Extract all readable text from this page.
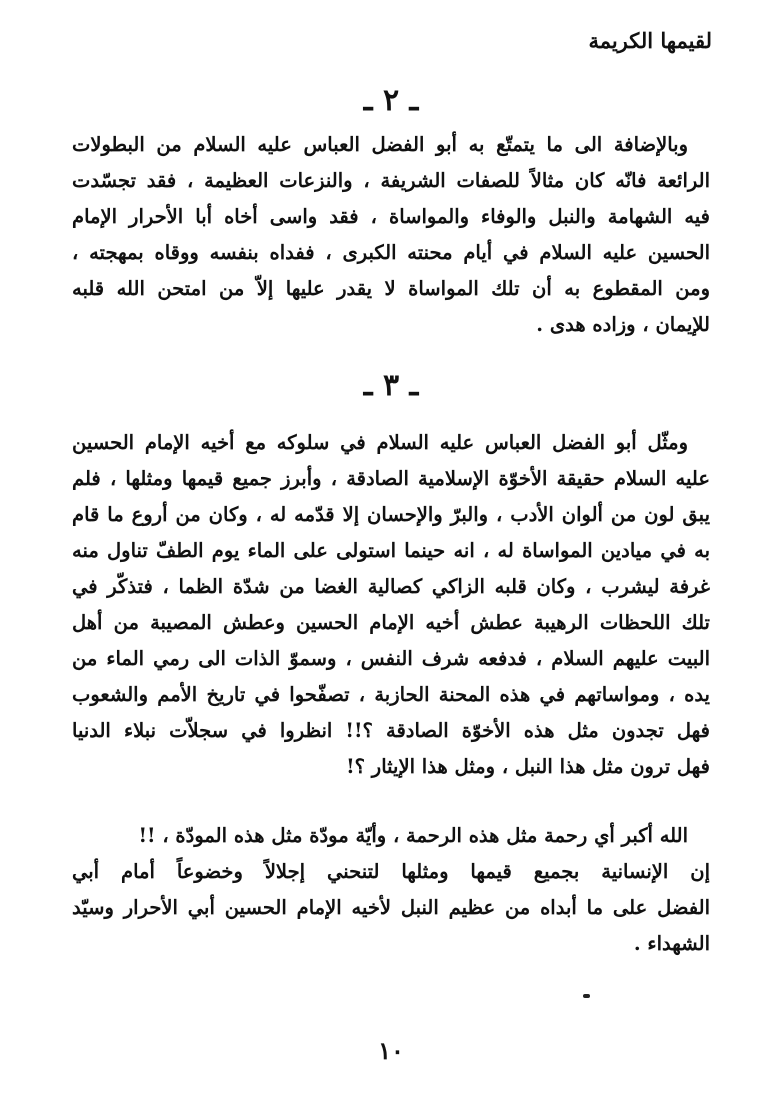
لقيمها الكريمة
ـ ٢ ـ
وبالإضافة الى ما يتمتّع به أبو الفضل العباس عليه السلام من البطولات
الرائعة فانّه كان مثالاً للصفات الشريفة ، والنزعات العظيمة ، فقد تجسّدت
فيه الشهامة والنبل والوفاء والمواساة ، فقد واسى أخاه أبا الأحرار الإمام
الحسين عليه السلام في أيام محنته الكبرى ، ففداه بنفسه ووقاه بمهجته ،
ومن المقطوع به أن تلك المواساة لا يقدر عليها إلاّ من امتحن الله قلبه
للإيمان ، وزاده هدى .
ـ ٣ ـ
ومثّل أبو الفضل العباس عليه السلام في سلوكه مع أخيه الإمام الحسين
عليه السلام حقيقة الأخوّة الإسلامية الصادقة ، وأبرز جميع قيمها ومثلها ، فلم
يبق لون من ألوان الأدب ، والبرّ والإحسان إلا قدّمه له ، وكان من أروع ما قام
به في ميادين المواساة له ، انه حينما استولى على الماء يوم الطفّ تناول منه
غرفة ليشرب ، وكان قلبه الزاكي كصالية الغضا من شدّة الظما ، فتذكّر في
تلك اللحظات الرهيبة عطش أخيه الإمام الحسين وعطش المصيبة من أهل
البيت عليهم السلام ، فدفعه شرف النفس ، وسموّ الذات الى رمي الماء من
يده ، ومواساتهم في هذه المحنة الحازبة ، تصفّحوا في تاريخ الأمم والشعوب
فهل تجدون مثل هذه الأخوّة الصادقة ؟!! انظروا في سجلاّت نبلاء الدنيا
فهل ترون مثل هذا النبل ، ومثل هذا الإيثار ؟!
الله أكبر أي رحمة مثل هذه الرحمة ، وأيّة مودّة مثل هذه المودّة ، !!
إن الإنسانية بجميع قيمها ومثلها لتنحني إجلالاً وخضوعاً أمام أبي
الفضل على ما أبداه من عظيم النبل لأخيه الإمام الحسين أبي الأحرار وسيّد
الشهداء .
١٠
